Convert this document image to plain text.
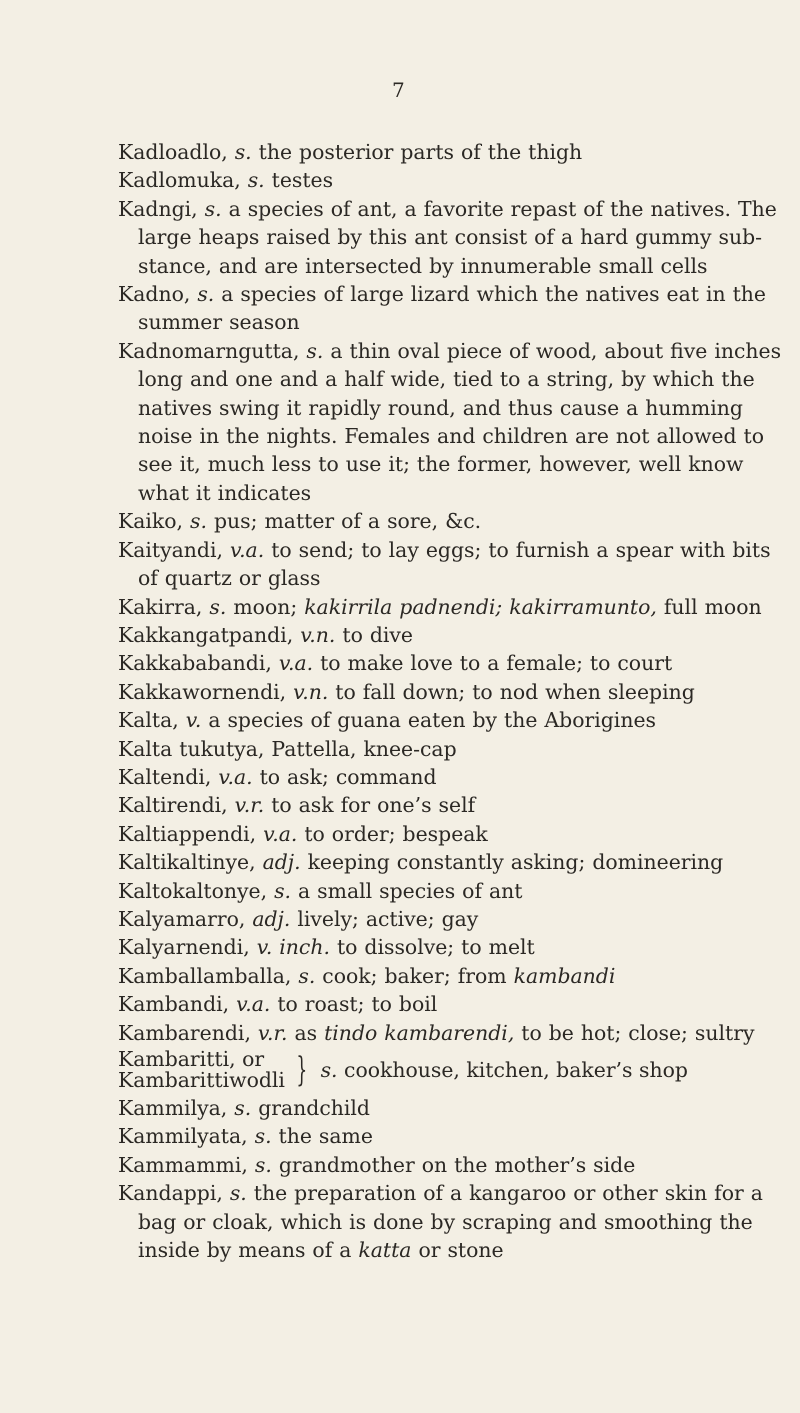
7

Kadloadlo, s. the posterior parts of the thigh

Kadlomuka, s. testes

Kadngi, s. a species of ant, a favorite repast of the natives. The large heaps raised by this ant consist of a hard gummy sub-stance, and are intersected by innumerable small cells

Kadno, s. a species of large lizard which the natives eat in the summer season

Kadnomarngutta, s. a thin oval piece of wood, about five inches long and one and a half wide, tied to a string, by which the natives swing it rapidly round, and thus cause a humming noise in the nights. Females and children are not allowed to see it, much less to use it; the former, however, well know what it indicates

Kaiko, s. pus; matter of a sore, &c.

Kaityandi, v.a. to send; to lay eggs; to furnish a spear with bits of quartz or glass

Kakirra, s. moon; kakirrila padnendi; kakirramunto, full moon

Kakkangatpandi, v.n. to dive

Kakkababandi, v.a. to make love to a female; to court

Kakkawornendi, v.n. to fall down; to nod when sleeping

Kalta, v. a species of guana eaten by the Aborigines

Kalta tukutya, Pattella, knee-cap

Kaltendi, v.a. to ask; command

Kaltirendi, v.r. to ask for one’s self

Kaltiappendi, v.a. to order; bespeak

Kaltikaltinye, adj. keeping constantly asking; domineering

Kaltokaltonye, s. a small species of ant

Kalyamarro, adj. lively; active; gay

Kalyarnendi, v. inch. to dissolve; to melt

Kamballamballa, s. cook; baker; from kambandi

Kambandi, v.a. to roast; to boil

Kambarendi, v.r. as tindo kambarendi, to be hot; close; sultry

Kambaritti, or
Kambarittiwodli } s. cookhouse, kitchen, baker’s shop

Kammilya, s. grandchild

Kammilyata, s. the same

Kammammi, s. grandmother on the mother’s side

Kandappi, s. the preparation of a kangaroo or other skin for a bag or cloak, which is done by scraping and smoothing the inside by means of a katta or stone
